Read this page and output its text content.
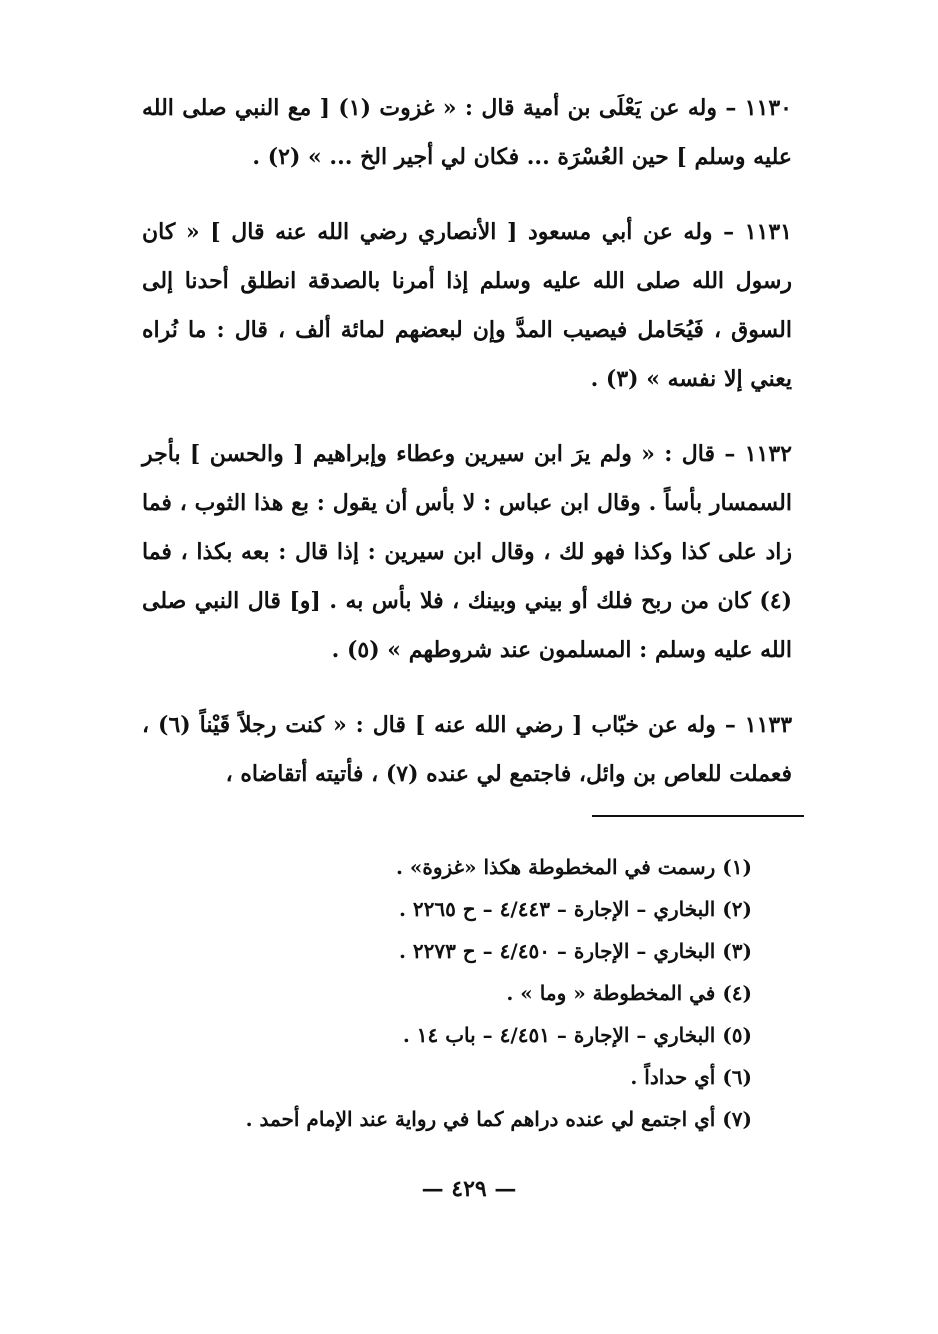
١١٣٠ – وله عن يَعْلَى بن أمية قال : « غزوت (١) [ مع النبي صلى الله عليه وسلم ] حين العُسْرَة ... فكان لي أجير الخ ... » (٢) .

١١٣١ – وله عن أبي مسعود [ الأنصاري رضي الله عنه قال ] « كان رسول الله صلى الله عليه وسلم إذا أمرنا بالصدقة انطلق أحدنا إلى السوق ، فَيُحَامل فيصيب المدَّ وإن لبعضهم لمائة ألف ، قال : ما نُراه يعني إلا نفسه » (٣) .

١١٣٢ – قال : « ولم يرَ ابن سيرين وعطاء وإبراهيم [ والحسن ] بأجر السمسار بأساً . وقال ابن عباس : لا بأس أن يقول : بع هذا الثوب ، فما زاد على كذا وكذا فهو لك ، وقال ابن سيرين : إذا قال : بعه بكذا ، فما (٤) كان من ربح فلك أو بيني وبينك ، فلا بأس به . [و] قال النبي صلى الله عليه وسلم : المسلمون عند شروطهم » (٥) .

١١٣٣ – وله عن خبّاب [ رضي الله عنه ] قال : « كنت رجلاً قَيْناً (٦) ، فعملت للعاص بن وائل، فاجتمع لي عنده (٧) ، فأتيته أتقاضاه ،

(١) رسمت في المخطوطة هكذا «غزوة» .
(٢) البخاري – الإجارة – ٤/٤٤٣ – ح ٢٢٦٥ .
(٣) البخاري – الإجارة – ٤/٤٥٠ – ح ٢٢٧٣ .
(٤) في المخطوطة « وما » .
(٥) البخاري – الإجارة – ٤/٤٥١ – باب ١٤ .
(٦) أي حداداً .
(٧) أي اجتمع لي عنده دراهم كما في رواية عند الإمام أحمد .
— ٤٢٩ —
